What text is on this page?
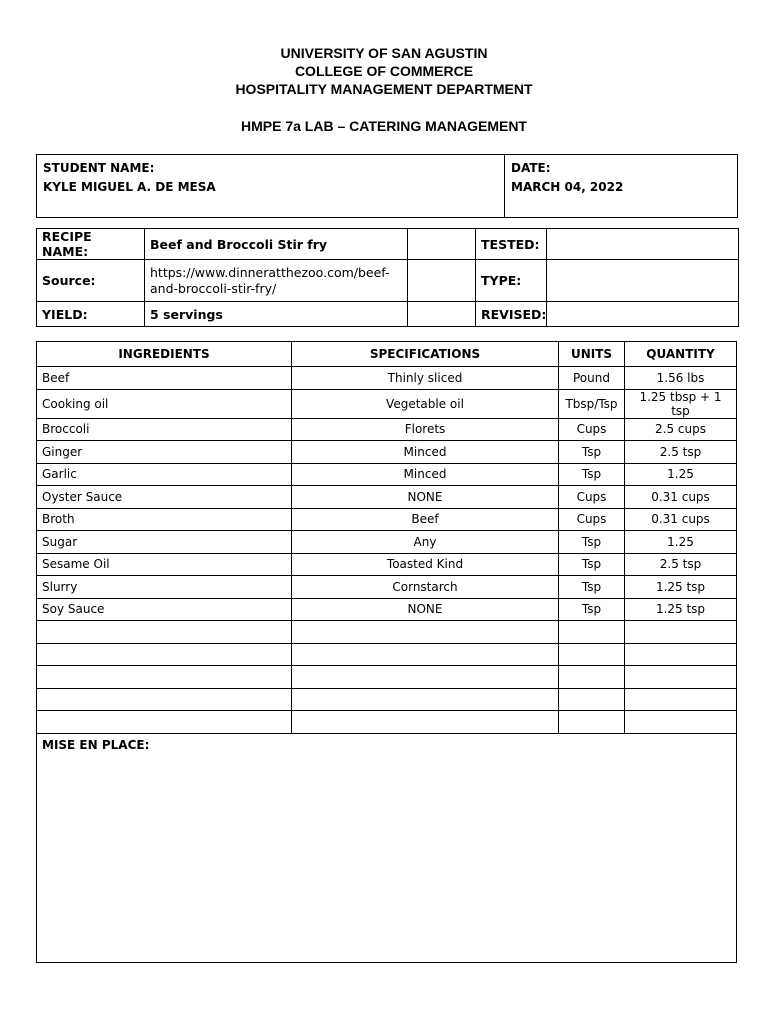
UNIVERSITY OF SAN AGUSTIN
COLLEGE OF COMMERCE
HOSPITALITY MANAGEMENT DEPARTMENT
HMPE 7a LAB – CATERING MANAGEMENT
STUDENT NAME:
KYLE MIGUEL A. DE MESA

DATE:
MARCH 04, 2022
RECIPE NAME:	Beef and Broccoli Stir fry		TESTED:	
Source:	https://www.dinneratthezoo.com/beef-
and-broccoli-stir-fry/		TYPE:	
YIELD:	5 servings		REVISED:	
INGREDIENTS	SPECIFICATIONS	UNITS	QUANTITY
Beef	Thinly sliced	Pound	1.56 lbs
Cooking oil	Vegetable oil	Tbsp/Tsp	1.25 tbsp + 1 tsp
Broccoli	Florets	Cups	2.5 cups
Ginger	Minced	Tsp	2.5 tsp
Garlic	Minced	Tsp	1.25
Oyster Sauce	NONE	Cups	0.31 cups
Broth	Beef	Cups	0.31 cups
Sugar	Any	Tsp	1.25
Sesame Oil	Toasted Kind	Tsp	2.5 tsp
Slurry	Cornstarch	Tsp	1.25 tsp
Soy Sauce	NONE	Tsp	1.25 tsp

MISE EN PLACE:			
